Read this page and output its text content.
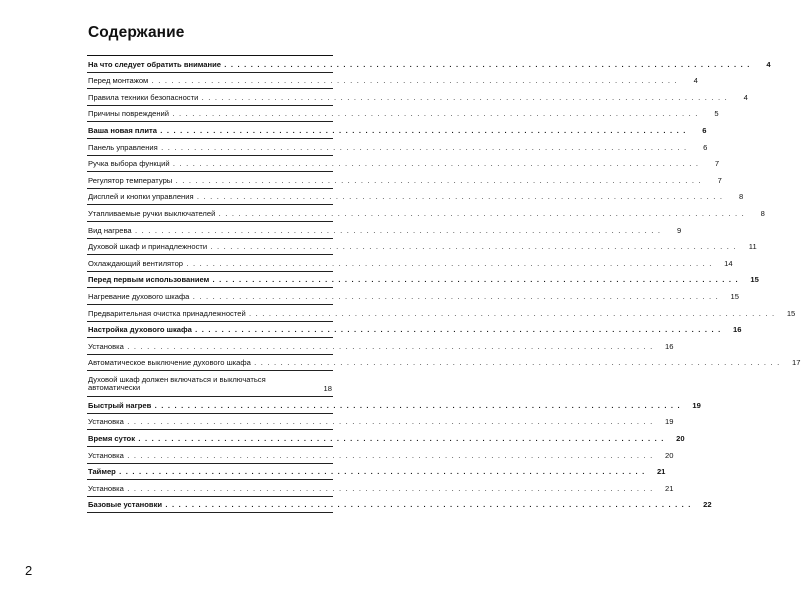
Содержание
На что следует обратить внимание . . . . . . . . . . . . . . . . . . . . . . . . . . . . . . . . . . . . . . . . . . . . . . . . . . . . . . . . . . . . . . . . . . . . . . . . . . . . . . . .	4
Перед монтажом . . . . . . . . . . . . . . . . . . . . . . . . . . . . . . . . . . . . . . . . . . . . . . . . . . . . . . . . . . . . . . . . . . . . . . . . . . . . . . . .	4
Правила техники безопасности . . . . . . . . . . . . . . . . . . . . . . . . . . . . . . . . . . . . . . . . . . . . . . . . . . . . . . . . . . . . . . . . . . . . . . . . . . . . . . . .	4
Причины повреждений . . . . . . . . . . . . . . . . . . . . . . . . . . . . . . . . . . . . . . . . . . . . . . . . . . . . . . . . . . . . . . . . . . . . . . . . . . . . . . . .	5
Ваша новая плита . . . . . . . . . . . . . . . . . . . . . . . . . . . . . . . . . . . . . . . . . . . . . . . . . . . . . . . . . . . . . . . . . . . . . . . . . . . . . . . .	6
Панель управления . . . . . . . . . . . . . . . . . . . . . . . . . . . . . . . . . . . . . . . . . . . . . . . . . . . . . . . . . . . . . . . . . . . . . . . . . . . . . . . .	6
Ручка выбора функций . . . . . . . . . . . . . . . . . . . . . . . . . . . . . . . . . . . . . . . . . . . . . . . . . . . . . . . . . . . . . . . . . . . . . . . . . . . . . . . .	7
Регулятор температуры . . . . . . . . . . . . . . . . . . . . . . . . . . . . . . . . . . . . . . . . . . . . . . . . . . . . . . . . . . . . . . . . . . . . . . . . . . . . . . . .	7
Дисплей и кнопки управления . . . . . . . . . . . . . . . . . . . . . . . . . . . . . . . . . . . . . . . . . . . . . . . . . . . . . . . . . . . . . . . . . . . . . . . . . . . . . . . .	8
Утапливаемые ручки выключателей . . . . . . . . . . . . . . . . . . . . . . . . . . . . . . . . . . . . . . . . . . . . . . . . . . . . . . . . . . . . . . . . . . . . . . . . . . . . . . . .	8
Вид нагрева . . . . . . . . . . . . . . . . . . . . . . . . . . . . . . . . . . . . . . . . . . . . . . . . . . . . . . . . . . . . . . . . . . . . . . . . . . . . . . . .	9
Духовой шкаф и принадлежности . . . . . . . . . . . . . . . . . . . . . . . . . . . . . . . . . . . . . . . . . . . . . . . . . . . . . . . . . . . . . . . . . . . . . . . . . . . . . . . .	11
Охлаждающий вентилятор . . . . . . . . . . . . . . . . . . . . . . . . . . . . . . . . . . . . . . . . . . . . . . . . . . . . . . . . . . . . . . . . . . . . . . . . . . . . . . . .	14
Перед первым использованием . . . . . . . . . . . . . . . . . . . . . . . . . . . . . . . . . . . . . . . . . . . . . . . . . . . . . . . . . . . . . . . . . . . . . . . . . . . . . . . .	15
Нагревание духового шкафа . . . . . . . . . . . . . . . . . . . . . . . . . . . . . . . . . . . . . . . . . . . . . . . . . . . . . . . . . . . . . . . . . . . . . . . . . . . . . . . .	15
Предварительная очистка принадлежностей . . . . . . . . . . . . . . . . . . . . . . . . . . . . . . . . . . . . . . . . . . . . . . . . . . . . . . . . . . . . . . . . . . . . . . . . . . . . . . . .	15
Настройка духового шкафа . . . . . . . . . . . . . . . . . . . . . . . . . . . . . . . . . . . . . . . . . . . . . . . . . . . . . . . . . . . . . . . . . . . . . . . . . . . . . . . .	16
Установка . . . . . . . . . . . . . . . . . . . . . . . . . . . . . . . . . . . . . . . . . . . . . . . . . . . . . . . . . . . . . . . . . . . . . . . . . . . . . . . .	16
Автоматическое выключение духового шкафа . . . . . . . . . . . . . . . . . . . . . . . . . . . . . . . . . . . . . . . . . . . . . . . . . . . . . . . . . . . . . . . . . . . . . . . . . . . . . . . .	17
Духовой шкаф должен включаться и выключаться автоматически	18
Быстрый нагрев . . . . . . . . . . . . . . . . . . . . . . . . . . . . . . . . . . . . . . . . . . . . . . . . . . . . . . . . . . . . . . . . . . . . . . . . . . . . . . . .	19
Установка . . . . . . . . . . . . . . . . . . . . . . . . . . . . . . . . . . . . . . . . . . . . . . . . . . . . . . . . . . . . . . . . . . . . . . . . . . . . . . . .	19
Время суток . . . . . . . . . . . . . . . . . . . . . . . . . . . . . . . . . . . . . . . . . . . . . . . . . . . . . . . . . . . . . . . . . . . . . . . . . . . . . . . .	20
Установка . . . . . . . . . . . . . . . . . . . . . . . . . . . . . . . . . . . . . . . . . . . . . . . . . . . . . . . . . . . . . . . . . . . . . . . . . . . . . . . .	20
Таймер . . . . . . . . . . . . . . . . . . . . . . . . . . . . . . . . . . . . . . . . . . . . . . . . . . . . . . . . . . . . . . . . . . . . . . . . . . . . . . . .	21
Установка . . . . . . . . . . . . . . . . . . . . . . . . . . . . . . . . . . . . . . . . . . . . . . . . . . . . . . . . . . . . . . . . . . . . . . . . . . . . . . . .	21
Базовые установки . . . . . . . . . . . . . . . . . . . . . . . . . . . . . . . . . . . . . . . . . . . . . . . . . . . . . . . . . . . . . . . . . . . . . . . . . . . . . . . .	22
2
